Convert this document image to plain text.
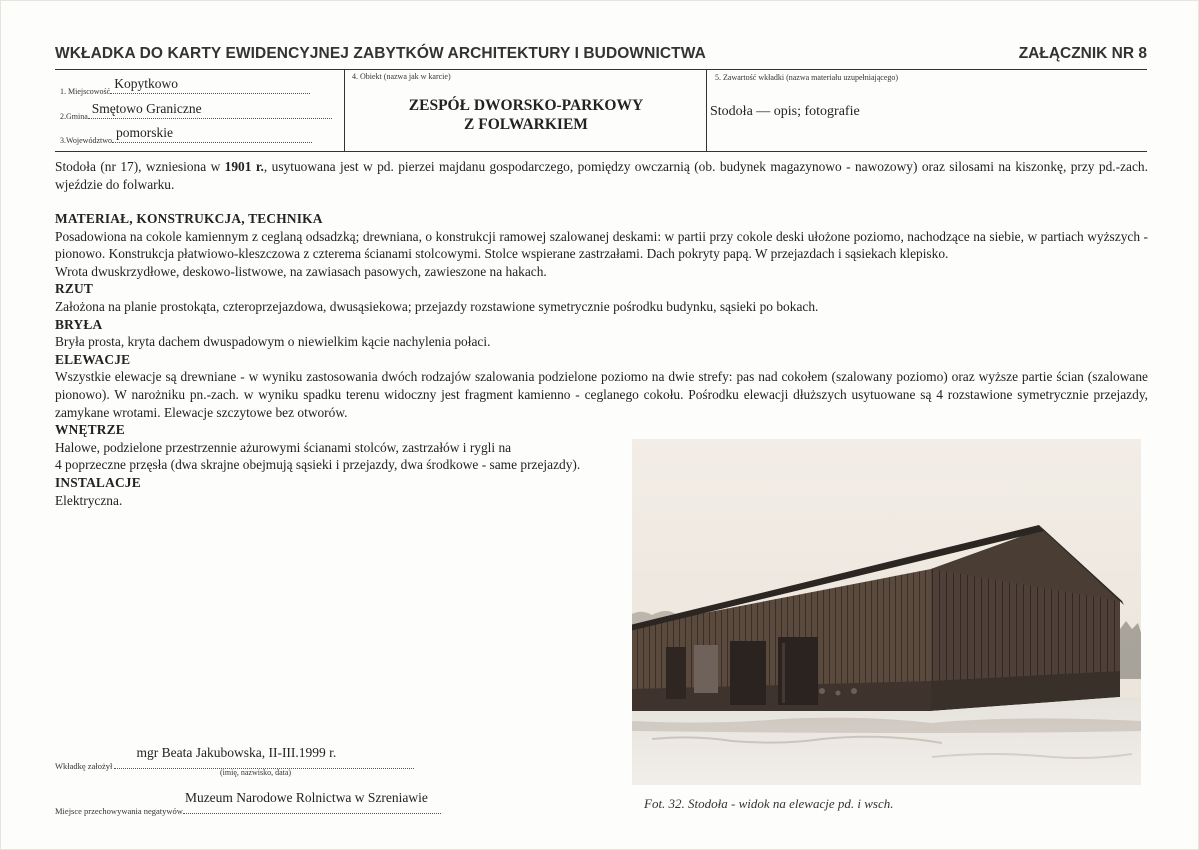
WKŁADKA DO KARTY EWIDENCYJNEJ ZABYTKÓW ARCHITEKTURY I BUDOWNICTWA	ZAŁĄCZNIK NR 8
1. Miejscowość
Kopytkowo
2.Gmina
Smętowo Graniczne
3.Województwo
pomorskie
4. Obiekt (nazwa jak w karcie)
ZESPÓŁ DWORSKO-PARKOWY
Z FOLWARKIEM
5. Zawartość wkładki (nazwa materiału uzupełniającego)
Stodoła — opis; fotografie
Stodoła (nr 17), wzniesiona w 1901 r., usytuowana jest w pd. pierzei majdanu gospodarczego, pomiędzy owczarnią (ob. budynek magazynowo - nawozowy) oraz silosami na kiszonkę, przy pd.-zach. wjeździe do folwarku.
MATERIAŁ, KONSTRUKCJA, TECHNIKA
Posadowiona na cokole kamiennym z ceglaną odsadzką; drewniana, o konstrukcji ramowej szalowanej deskami: w partii przy cokole deski ułożone poziomo, nachodzące na siebie, w partiach wyższych - pionowo. Konstrukcja płatwiowo-kleszczowa z czterema ścianami stolcowymi. Stolce wspierane zastrzałami. Dach pokryty papą. W przejazdach i sąsiekach klepisko.
Wrota dwuskrzydłowe, deskowo-listwowe, na zawiasach pasowych, zawieszone na hakach.
RZUT
Założona na planie prostokąta, czteroprzejazdowa, dwusąsiekowa; przejazdy rozstawione symetrycznie pośrodku budynku, sąsieki po bokach.
BRYŁA
Bryła prosta, kryta dachem dwuspadowym o niewielkim kącie nachylenia połaci.
ELEWACJE
Wszystkie elewacje są drewniane - w wyniku zastosowania dwóch rodzajów szalowania podzielone poziomo na dwie strefy: pas nad cokołem (szalowany poziomo) oraz wyższe partie ścian (szalowane pionowo). W narożniku pn.-zach. w wyniku spadku terenu widoczny jest fragment kamienno - ceglanego cokołu. Pośrodku elewacji dłuższych usytuowane są 4 rozstawione symetrycznie przejazdy, zamykane wrotami. Elewacje szczytowe bez otworów.
WNĘTRZE
Halowe, podzielone przestrzennie ażurowymi ścianami stolców, zastrzałów i rygli na
4 poprzeczne przęsła (dwa skrajne obejmują sąsieki i przejazdy, dwa środkowe - same przejazdy).
INSTALACJE
Elektryczna.
Fot. 32. Stodoła - widok na elewacje pd. i wsch.
Wkładkę założył
mgr Beata Jakubowska, II-III.1999 r.
(imię, nazwisko, data)
Miejsce przechowywania negatywów
Muzeum Narodowe Rolnictwa w Szreniawie
